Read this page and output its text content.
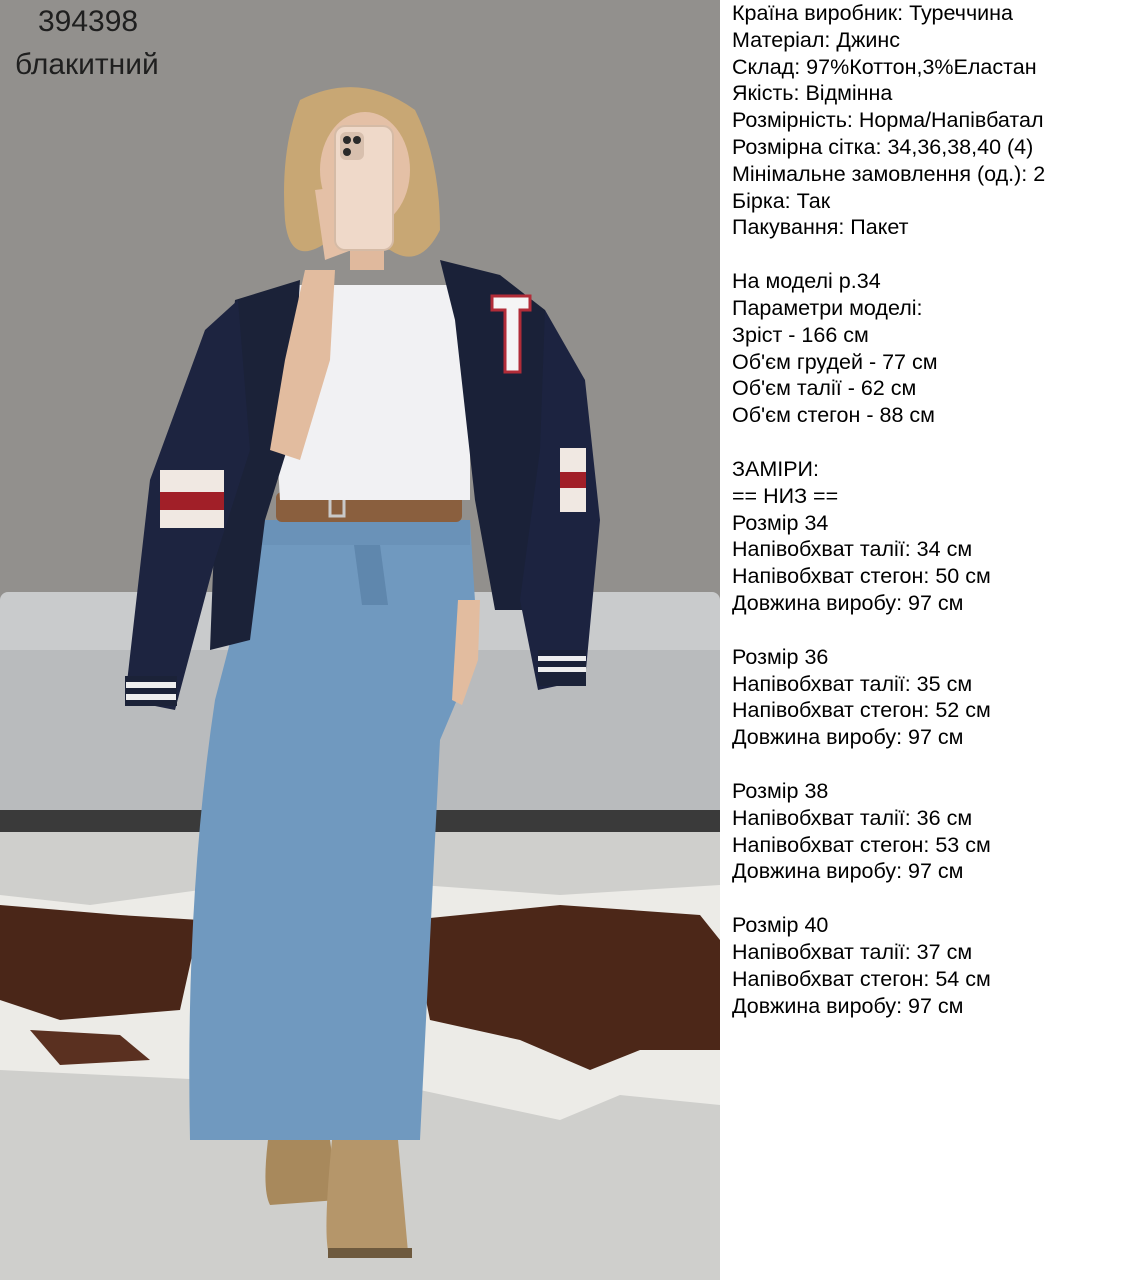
394398
блакитний
Країна виробник: Туреччина
Матеріал: Джинс
Склад: 97%Коттон,3%Еластан
Якість: Відмінна
Розмірність: Норма/Напівбатал
Розмірна сітка: 34,36,38,40 (4)
Мінімальне замовлення (од.): 2
Бірка: Так
Пакування: Пакет
На моделі р.34
Параметри моделі:
Зріст - 166 см
Об'єм грудей - 77 см
Об'єм талії - 62 см
Об'єм стегон - 88 см
ЗАМІРИ:
== НИЗ ==
Розмір 34
Напівобхват талії: 34 см
Напівобхват стегон: 50 см
Довжина виробу: 97 см
Розмір 36
Напівобхват талії: 35 см
Напівобхват стегон: 52 см
Довжина виробу: 97 см
Розмір 38
Напівобхват талії: 36 см
Напівобхват стегон: 53 см
Довжина виробу: 97 см
Розмір 40
Напівобхват талії: 37 см
Напівобхват стегон: 54 см
Довжина виробу: 97 см
